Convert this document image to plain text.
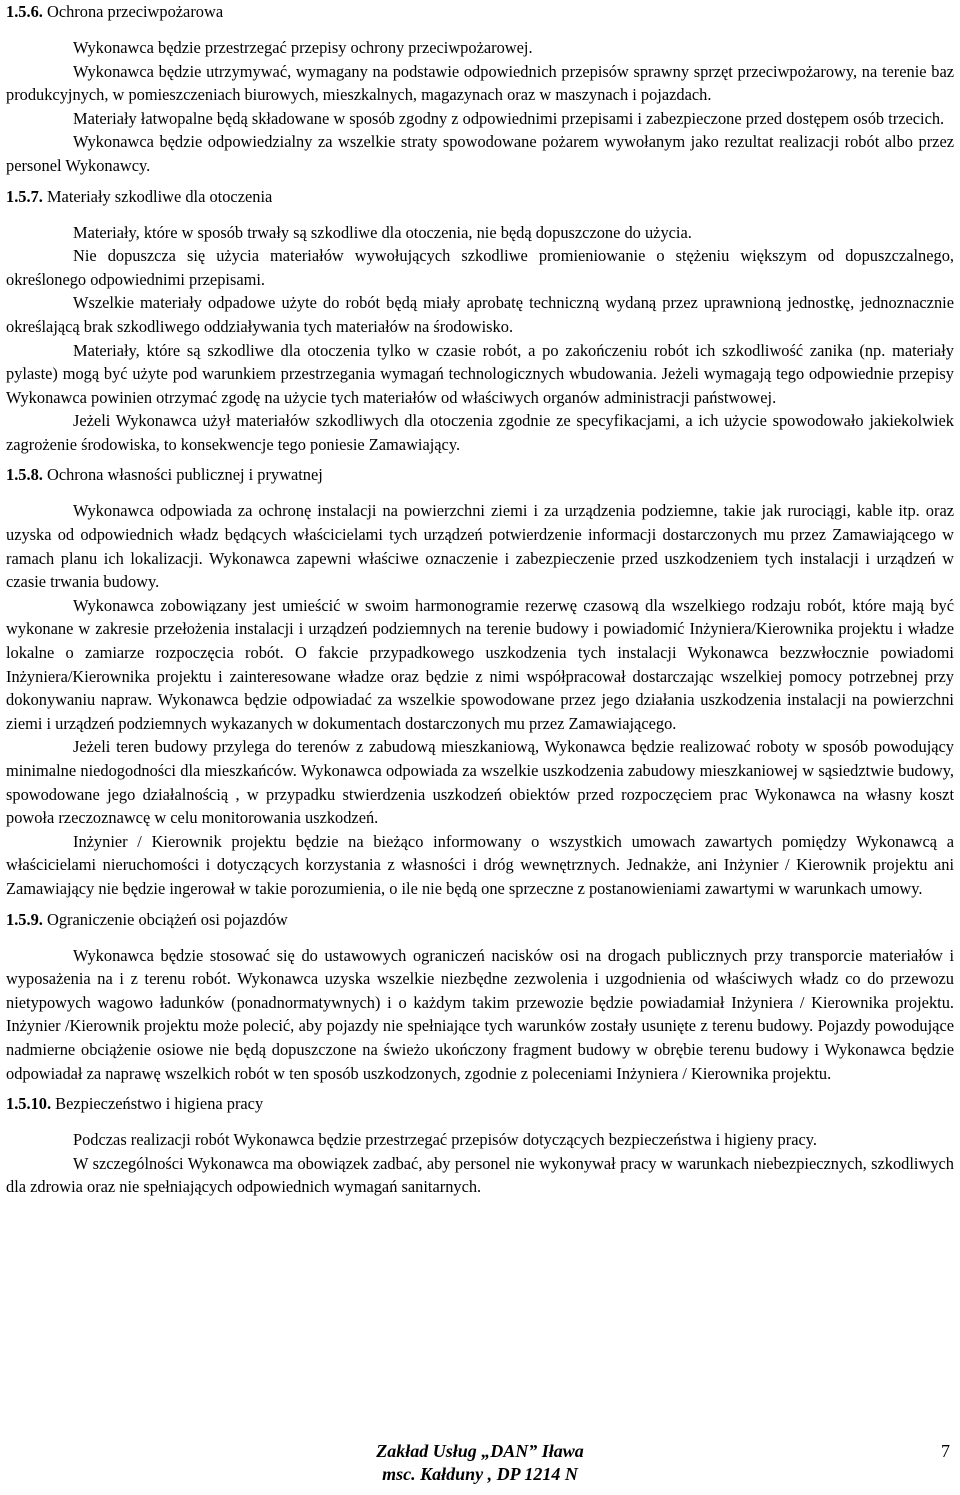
1.5.6. Ochrona przeciwpożarowa

Wykonawca będzie przestrzegać przepisy ochrony przeciwpożarowej.

Wykonawca będzie utrzymywać, wymagany na podstawie odpowiednich przepisów sprawny sprzęt przeciwpożarowy, na terenie baz produkcyjnych, w pomieszczeniach biurowych, mieszkalnych, magazynach oraz w maszynach i pojazdach.

Materiały łatwopalne będą składowane w sposób zgodny z odpowiednimi przepisami i zabezpieczone przed dostępem osób trzecich.

Wykonawca będzie odpowiedzialny za wszelkie straty spowodowane pożarem wywołanym jako rezultat realizacji robót albo przez personel Wykonawcy.

1.5.7. Materiały szkodliwe dla otoczenia

Materiały, które w sposób trwały są szkodliwe dla otoczenia, nie będą dopuszczone do użycia.

Nie dopuszcza się użycia materiałów wywołujących szkodliwe promieniowanie o stężeniu większym od dopuszczalnego, określonego odpowiednimi przepisami.

Wszelkie materiały odpadowe użyte do robót będą miały aprobatę techniczną wydaną przez uprawnioną jednostkę, jednoznacznie określającą brak szkodliwego oddziaływania tych materiałów na środowisko.

Materiały, które są szkodliwe dla otoczenia tylko w czasie robót, a po zakończeniu robót ich szkodliwość zanika (np. materiały pylaste) mogą być użyte pod warunkiem przestrzegania wymagań technologicznych wbudowania. Jeżeli wymagają tego odpowiednie przepisy Wykonawca powinien otrzymać zgodę na użycie tych materiałów od właściwych organów administracji państwowej.

Jeżeli Wykonawca użył materiałów szkodliwych dla otoczenia zgodnie ze specyfikacjami, a ich użycie spowodowało jakiekolwiek zagrożenie środowiska, to konsekwencje tego poniesie Zamawiający.

1.5.8. Ochrona własności publicznej i prywatnej

Wykonawca odpowiada za ochronę instalacji na powierzchni ziemi i za urządzenia podziemne, takie jak rurociągi, kable itp. oraz uzyska od odpowiednich władz będących właścicielami tych urządzeń potwierdzenie informacji dostarczonych mu przez Zamawiającego w ramach planu ich lokalizacji. Wykonawca zapewni właściwe oznaczenie i zabezpieczenie przed uszkodzeniem tych instalacji i urządzeń w czasie trwania budowy.

Wykonawca zobowiązany jest umieścić w swoim harmonogramie rezerwę czasową dla wszelkiego rodzaju robót, które mają być wykonane w zakresie przełożenia instalacji i urządzeń podziemnych na terenie budowy i powiadomić Inżyniera/Kierownika projektu i władze lokalne o zamiarze rozpoczęcia robót. O fakcie przypadkowego uszkodzenia tych instalacji Wykonawca bezzwłocznie powiadomi Inżyniera/Kierownika projektu i zainteresowane władze oraz będzie z nimi współpracował dostarczając wszelkiej pomocy potrzebnej przy dokonywaniu napraw. Wykonawca będzie odpowiadać za wszelkie spowodowane przez jego działania uszkodzenia instalacji na powierzchni ziemi i urządzeń podziemnych wykazanych w dokumentach dostarczonych mu przez Zamawiającego.

Jeżeli teren budowy przylega do terenów z zabudową mieszkaniową, Wykonawca będzie realizować roboty w sposób powodujący minimalne niedogodności dla mieszkańców. Wykonawca odpowiada za wszelkie uszkodzenia zabudowy mieszkaniowej w sąsiedztwie budowy, spowodowane jego działalnością , w przypadku stwierdzenia uszkodzeń obiektów przed rozpoczęciem prac Wykonawca na własny koszt powoła rzeczoznawcę w celu monitorowania uszkodzeń.

Inżynier / Kierownik projektu będzie na bieżąco informowany o wszystkich umowach zawartych pomiędzy Wykonawcą a właścicielami nieruchomości i dotyczących korzystania z własności i dróg wewnętrznych. Jednakże, ani Inżynier / Kierownik projektu ani Zamawiający nie będzie ingerował w takie porozumienia, o ile nie będą one sprzeczne z postanowieniami zawartymi w warunkach umowy.

1.5.9. Ograniczenie obciążeń osi pojazdów

Wykonawca będzie stosować się do ustawowych ograniczeń nacisków osi na drogach publicznych przy transporcie materiałów i wyposażenia na i z terenu robót. Wykonawca uzyska wszelkie niezbędne zezwolenia i uzgodnienia od właściwych władz co do przewozu nietypowych wagowo ładunków (ponadnormatywnych) i o każdym takim przewozie będzie powiadamiał Inżyniera / Kierownika projektu. Inżynier /Kierownik projektu może polecić, aby pojazdy nie spełniające tych warunków zostały usunięte z terenu budowy. Pojazdy powodujące nadmierne obciążenie osiowe nie będą dopuszczone na świeżo ukończony fragment budowy w obrębie terenu budowy i Wykonawca będzie odpowiadał za naprawę wszelkich robót w ten sposób uszkodzonych, zgodnie z poleceniami Inżyniera / Kierownika projektu.

1.5.10. Bezpieczeństwo i higiena pracy

Podczas realizacji robót Wykonawca będzie przestrzegać przepisów dotyczących bezpieczeństwa i higieny pracy.

W szczególności Wykonawca ma obowiązek zadbać, aby personel nie wykonywał pracy w warunkach niebezpiecznych, szkodliwych dla zdrowia oraz nie spełniających odpowiednich wymagań sanitarnych.

Zakład Usług „DAN” Iława
msc. Kałduny , DP 1214 N
7
